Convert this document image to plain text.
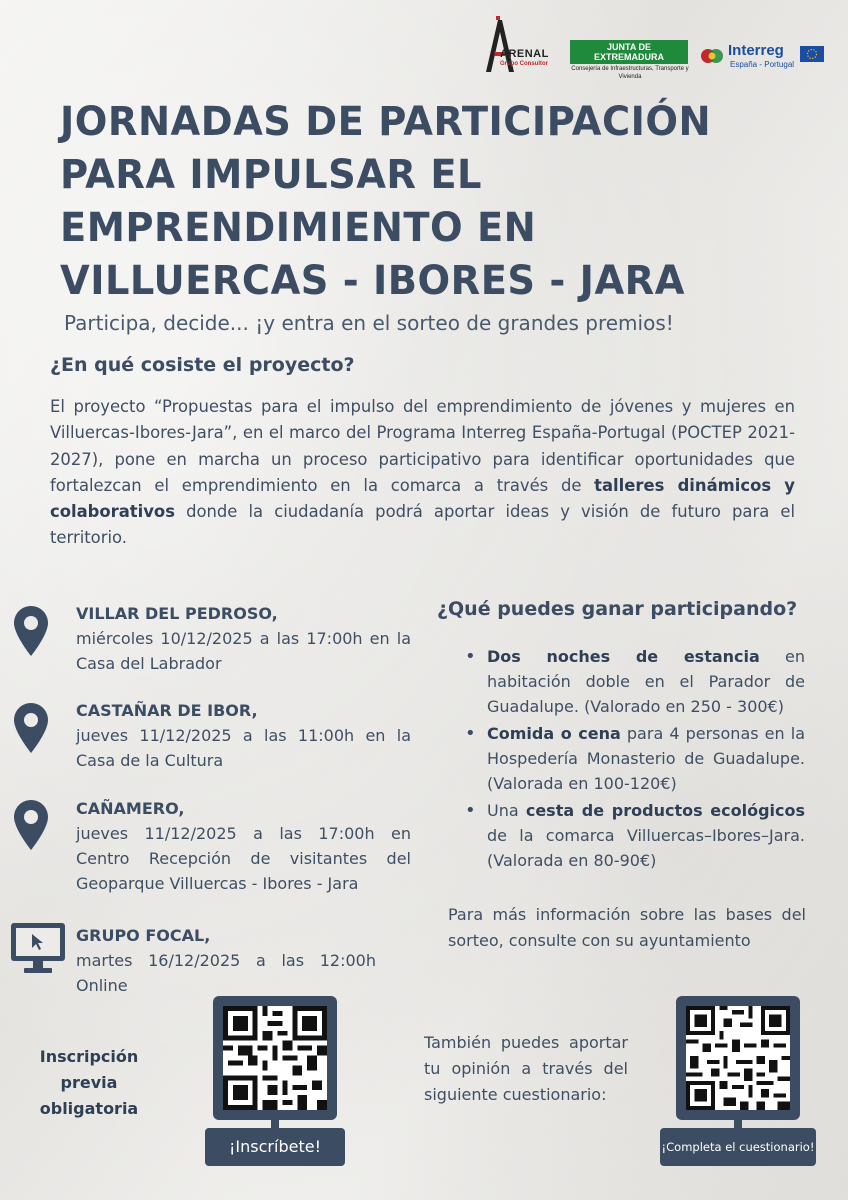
ARENAL
Grupo Consultor
JUNTA DE EXTREMADURA
Consejería de Infraestructuras, Transporte y Vivienda
Interreg
España - Portugal
JORNADAS DE PARTICIPACIÓN
PARA IMPULSAR EL
EMPRENDIMIENTO EN
VILLUERCAS - IBORES - JARA
Participa, decide... ¡y entra en el sorteo de grandes premios!
¿En qué cosiste el proyecto?
El proyecto “Propuestas para el impulso del emprendimiento de jóvenes y mujeres en Villuercas-Ibores-Jara”, en el marco del Programa Interreg España-Portugal (POCTEP 2021-2027), pone en marcha un proceso participativo para identificar oportunidades que fortalezcan el emprendimiento en la comarca a través de talleres dinámicos y colaborativos donde la ciudadanía podrá aportar ideas y visión de futuro para el territorio.
VILLAR DEL PEDROSO,
miércoles 10/12/2025 a las 17:00h en la Casa del Labrador
CASTAÑAR DE IBOR,
jueves 11/12/2025 a las 11:00h en la Casa de la Cultura
CAÑAMERO,
jueves 11/12/2025 a las 17:00h en Centro Recepción de visitantes del Geoparque Villuercas - Ibores - Jara
GRUPO FOCAL,
martes 16/12/2025 a las 12:00h Online
¿Qué puedes ganar participando?
• Dos noches de estancia en habitación doble en el Parador de Guadalupe. (Valorado en 250 - 300€)
• Comida o cena para 4 personas en la Hospedería Monasterio de Guadalupe. (Valorada en 100-120€)
• Una cesta de productos ecológicos de la comarca Villuercas–Ibores–Jara. (Valorada en 80-90€)
Para más información sobre las bases del sorteo, consulte con su ayuntamiento
Inscripción previa obligatoria
¡Inscríbete!
También puedes aportar tu opinión a través del siguiente cuestionario:
¡Completa el cuestionario!
